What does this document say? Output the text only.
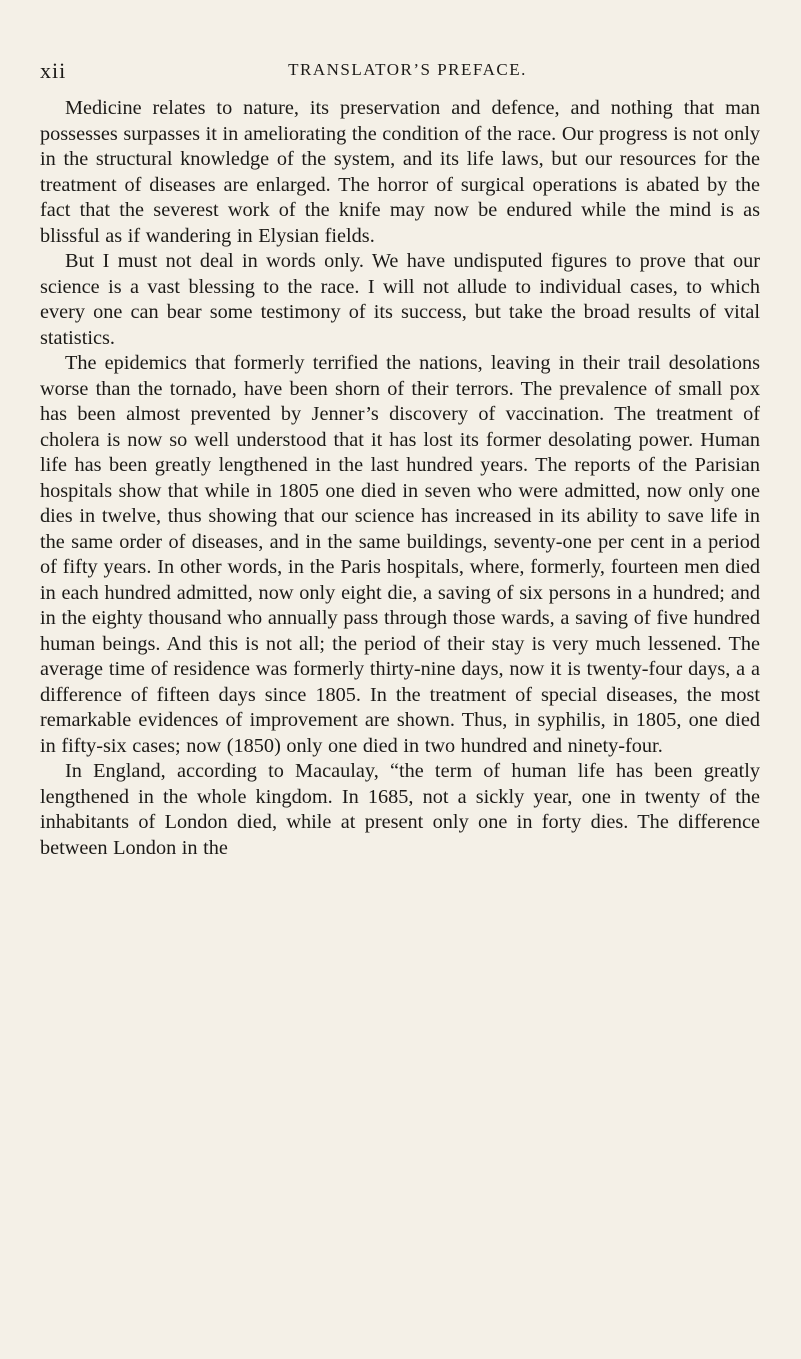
xii	TRANSLATOR’S PREFACE.

Medicine relates to nature, its preservation and defence, and nothing that man possesses surpasses it in ameliorating the condition of the race. Our progress is not only in the structural knowledge of the system, and its life laws, but our resources for the treatment of diseases are enlarged. The horror of surgical operations is abated by the fact that the severest work of the knife may now be endured while the mind is as blissful as if wandering in Elysian fields.

But I must not deal in words only. We have undisputed figures to prove that our science is a vast blessing to the race. I will not allude to individual cases, to which every one can bear some testimony of its success, but take the broad results of vital statistics.

The epidemics that formerly terrified the nations, leaving in their trail desolations worse than the tornado, have been shorn of their terrors. The prevalence of small pox has been almost prevented by Jenner’s discovery of vaccination. The treatment of cholera is now so well understood that it has lost its former desolating power. Human life has been greatly lengthened in the last hundred years. The reports of the Parisian hospitals show that while in 1805 one died in seven who were admitted, now only one dies in twelve, thus showing that our science has increased in its ability to save life in the same order of diseases, and in the same buildings, seventy-one per cent in a period of fifty years. In other words, in the Paris hospitals, where, formerly, fourteen men died in each hundred admitted, now only eight die, a saving of six persons in a hundred; and in the eighty thousand who annually pass through those wards, a saving of five hundred human beings. And this is not all; the period of their stay is very much lessened. The average time of residence was formerly thirty-nine days, now it is twenty-four days, a a difference of fifteen days since 1805. In the treatment of special diseases, the most remarkable evidences of improvement are shown. Thus, in syphilis, in 1805, one died in fifty-six cases; now (1850) only one died in two hundred and ninety-four.

In England, according to Macaulay, “the term of human life has been greatly lengthened in the whole kingdom. In 1685, not a sickly year, one in twenty of the inhabitants of London died, while at present only one in forty dies. The difference between London in the
